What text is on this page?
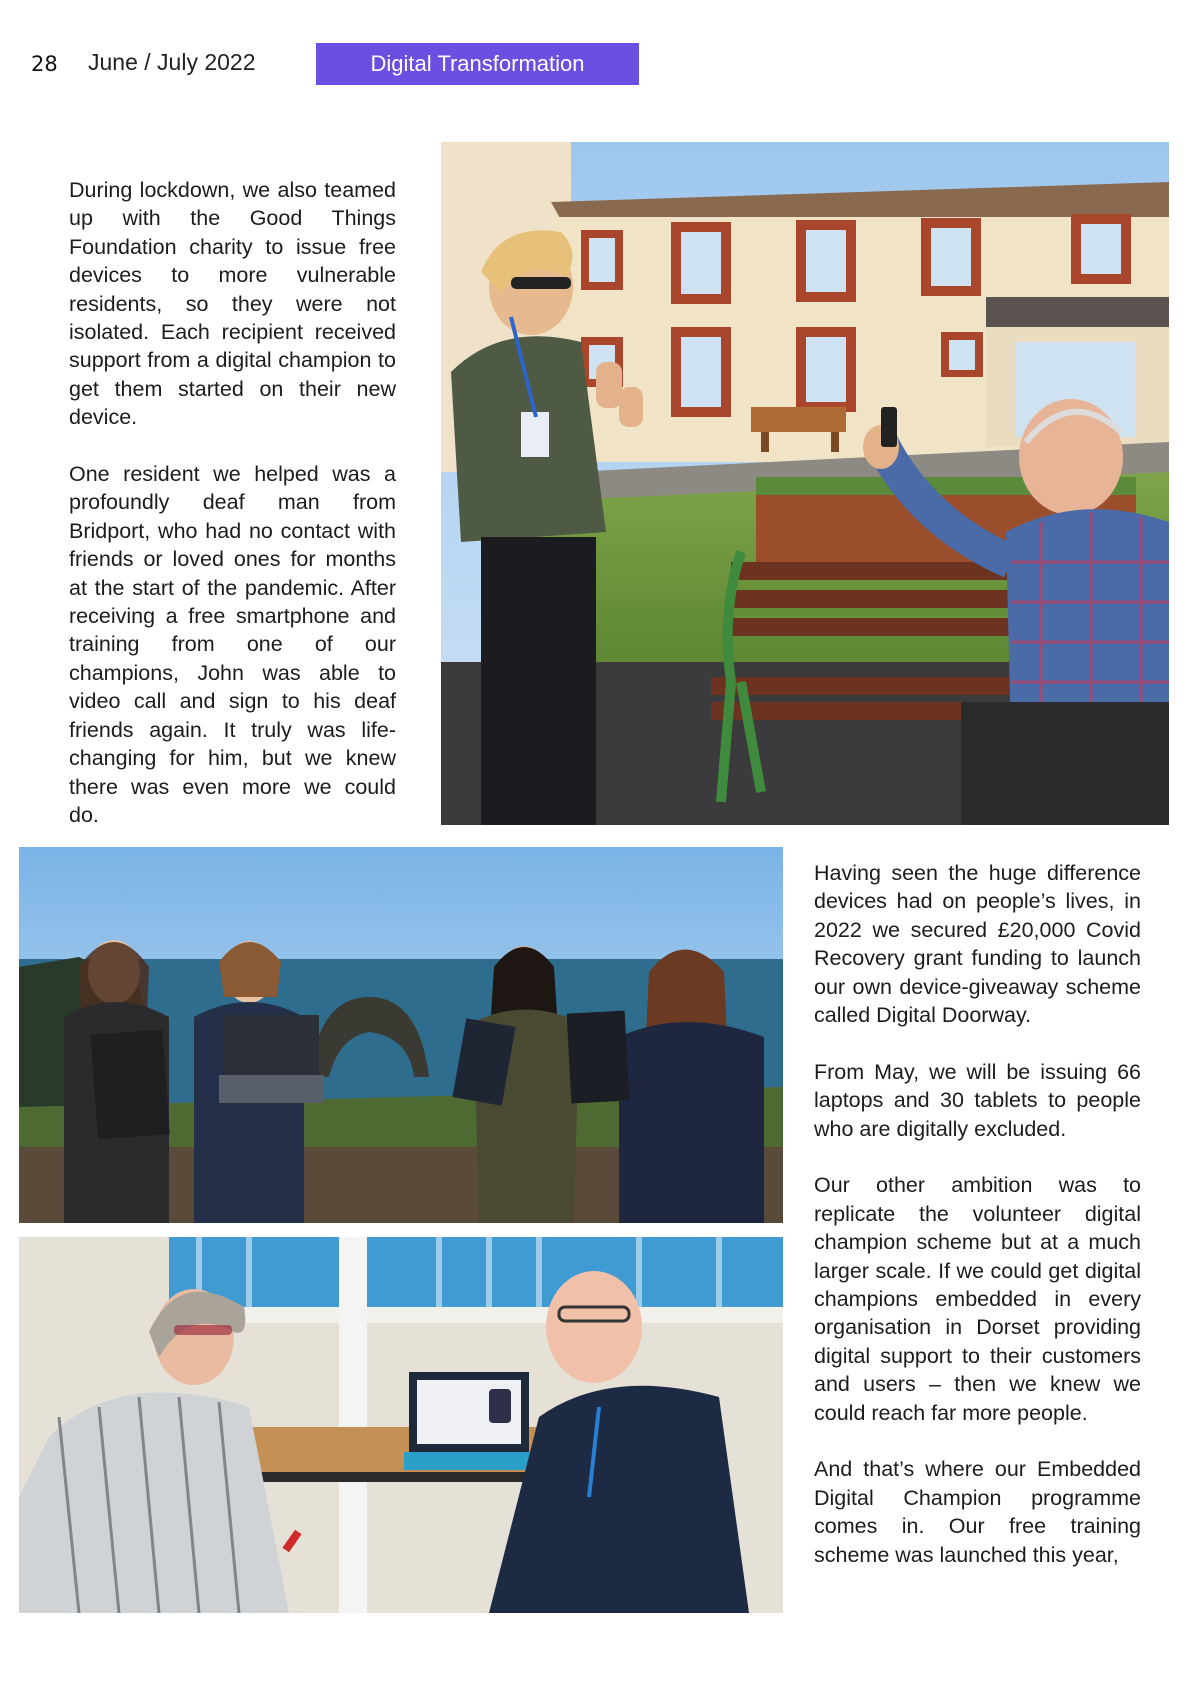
28 June / July 2022	Digital Transformation

During lockdown, we also teamed up with the Good Things Foundation charity to issue free devices to more vulnerable residents, so they were not isolated. Each recipient received support from a digital champion to get them started on their new device.

One resident we helped was a profoundly deaf man from Bridport, who had no contact with friends or loved ones for months at the start of the pandemic. After receiving a free smartphone and training from one of our champions, John was able to video call and sign to his deaf friends again. It truly was life-changing for him, but we knew there was even more we could do.

Having seen the huge difference devices had on people’s lives, in 2022 we secured £20,000 Covid Recovery grant funding to launch our own device-giveaway scheme called Digital Doorway.

From May, we will be issuing 66 laptops and 30 tablets to people who are digitally excluded.

Our other ambition was to replicate the volunteer digital champion scheme but at a much larger scale. If we could get digital champions embedded in every organisation in Dorset providing digital support to their customers and users – then we knew we could reach far more people.

And that’s where our Embedded Digital Champion programme comes in. Our free training scheme was launched this year,
